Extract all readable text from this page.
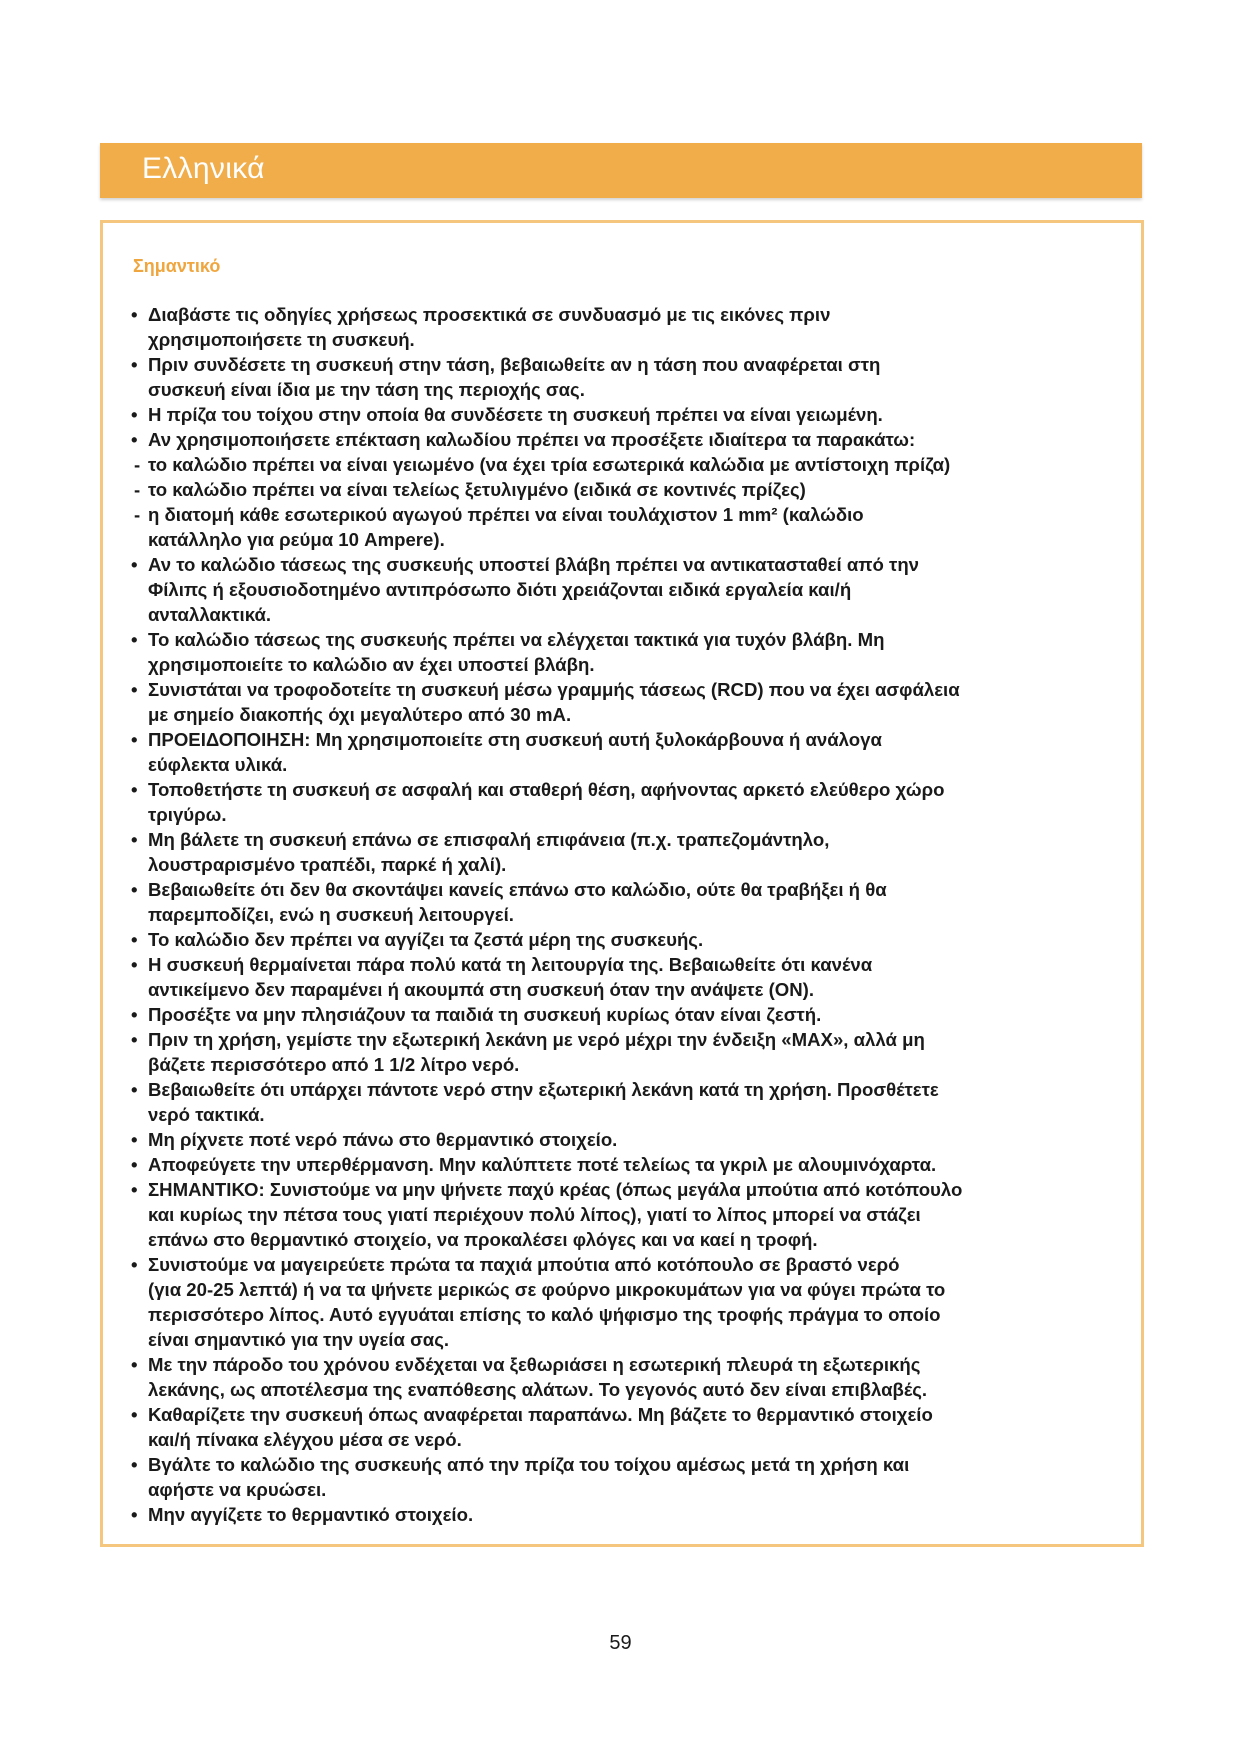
Ελληνικά
Σημαντικό
• Διαβάστε τις οδηγίες χρήσεως προσεκτικά σε συνδυασμό με τις εικόνες πριν
χρησιμοποιήσετε τη συσκευή.
• Πριν συνδέσετε τη συσκευή στην τάση, βεβαιωθείτε αν η τάση που αναφέρεται στη
συσκευή είναι ίδια με την τάση της περιοχής σας.
• Η πρίζα του τοίχου στην οποία θα συνδέσετε τη συσκευή πρέπει να είναι γειωμένη.
• Αν χρησιμοποιήσετε επέκταση καλωδίου πρέπει να προσέξετε ιδιαίτερα τα παρακάτω:
- το καλώδιο πρέπει να είναι γειωμένο (να έχει τρία εσωτερικά καλώδια με αντίστοιχη πρίζα)
- το καλώδιο πρέπει να είναι τελείως ξετυλιγμένο (ειδικά σε κοντινές πρίζες)
- η διατομή κάθε εσωτερικού αγωγού πρέπει να είναι τουλάχιστον 1 mm² (καλώδιο
κατάλληλο για ρεύμα 10 Ampere).
• Αν το καλώδιο τάσεως της συσκευής υποστεί βλάβη πρέπει να αντικατασταθεί από την
Φίλιπς ή εξουσιοδοτημένο αντιπρόσωπο διότι χρειάζονται ειδικά εργαλεία και/ή
ανταλλακτικά.
• Το καλώδιο τάσεως της συσκευής πρέπει να ελέγχεται τακτικά για τυχόν βλάβη. Μη
χρησιμοποιείτε το καλώδιο αν έχει υποστεί βλάβη.
• Συνιστάται να τροφοδοτείτε τη συσκευή μέσω γραμμής τάσεως (RCD) που να έχει ασφάλεια
με σημείο διακοπής όχι μεγαλύτερο από 30 mA.
• ΠΡΟΕΙΔΟΠΟΙΗΣΗ: Μη χρησιμοποιείτε στη συσκευή αυτή ξυλοκάρβουνα ή ανάλογα
εύφλεκτα υλικά.
• Τοποθετήστε τη συσκευή σε ασφαλή και σταθερή θέση, αφήνοντας αρκετό ελεύθερο χώρο
τριγύρω.
• Μη βάλετε τη συσκευή επάνω σε επισφαλή επιφάνεια (π.χ. τραπεζομάντηλο,
λουστραρισμένο τραπέδι, παρκέ ή χαλί).
• Βεβαιωθείτε ότι δεν θα σκοντάψει κανείς επάνω στο καλώδιο, ούτε θα τραβήξει ή θα
παρεμποδίζει, ενώ η συσκευή λειτουργεί.
• Το καλώδιο δεν πρέπει να αγγίζει τα ζεστά μέρη της συσκευής.
• Η συσκευή θερμαίνεται πάρα πολύ κατά τη λειτουργία της. Βεβαιωθείτε ότι κανένα
αντικείμενο δεν παραμένει ή ακουμπά στη συσκευή όταν την ανάψετε (ON).
• Προσέξτε να μην πλησιάζουν τα παιδιά τη συσκευή κυρίως όταν είναι ζεστή.
• Πριν τη χρήση, γεμίστε την εξωτερική λεκάνη με νερό μέχρι την ένδειξη «MAX», αλλά μη
βάζετε περισσότερο από 1 1/2 λίτρο νερό.
• Βεβαιωθείτε ότι υπάρχει πάντοτε νερό στην εξωτερική λεκάνη κατά τη χρήση. Προσθέτετε
νερό τακτικά.
• Μη ρίχνετε ποτέ νερό πάνω στο θερμαντικό στοιχείο.
• Αποφεύγετε την υπερθέρμανση. Μην καλύπτετε ποτέ τελείως τα γκριλ με αλουμινόχαρτα.
• ΣΗΜΑΝΤΙΚΟ: Συνιστούμε να μην ψήνετε παχύ κρέας (όπως μεγάλα μπούτια από κοτόπουλο
και κυρίως την πέτσα τους γιατί περιέχουν πολύ λίπος), γιατί το λίπος μπορεί να στάζει
επάνω στο θερμαντικό στοιχείο, να προκαλέσει φλόγες και να καεί η τροφή.
• Συνιστούμε να μαγειρεύετε πρώτα τα παχιά μπούτια από κοτόπουλο σε βραστό νερό
(για 20-25 λεπτά) ή να τα ψήνετε μερικώς σε φούρνο μικροκυμάτων για να φύγει πρώτα το
περισσότερο λίπος. Αυτό εγγυάται επίσης το καλό ψήφισμο της τροφής πράγμα το οποίο
είναι σημαντικό για την υγεία σας.
• Με την πάροδο του χρόνου ενδέχεται να ξεθωριάσει η εσωτερική πλευρά τη εξωτερικής
λεκάνης, ως αποτέλεσμα της εναπόθεσης αλάτων. Το γεγονός αυτό δεν είναι επιβλαβές.
• Καθαρίζετε την συσκευή όπως αναφέρεται παραπάνω. Μη βάζετε το θερμαντικό στοιχείο
και/ή πίνακα ελέγχου μέσα σε νερό.
• Βγάλτε το καλώδιο της συσκευής από την πρίζα του τοίχου αμέσως μετά τη χρήση και
αφήστε να κρυώσει.
• Μην αγγίζετε το θερμαντικό στοιχείο.
59
